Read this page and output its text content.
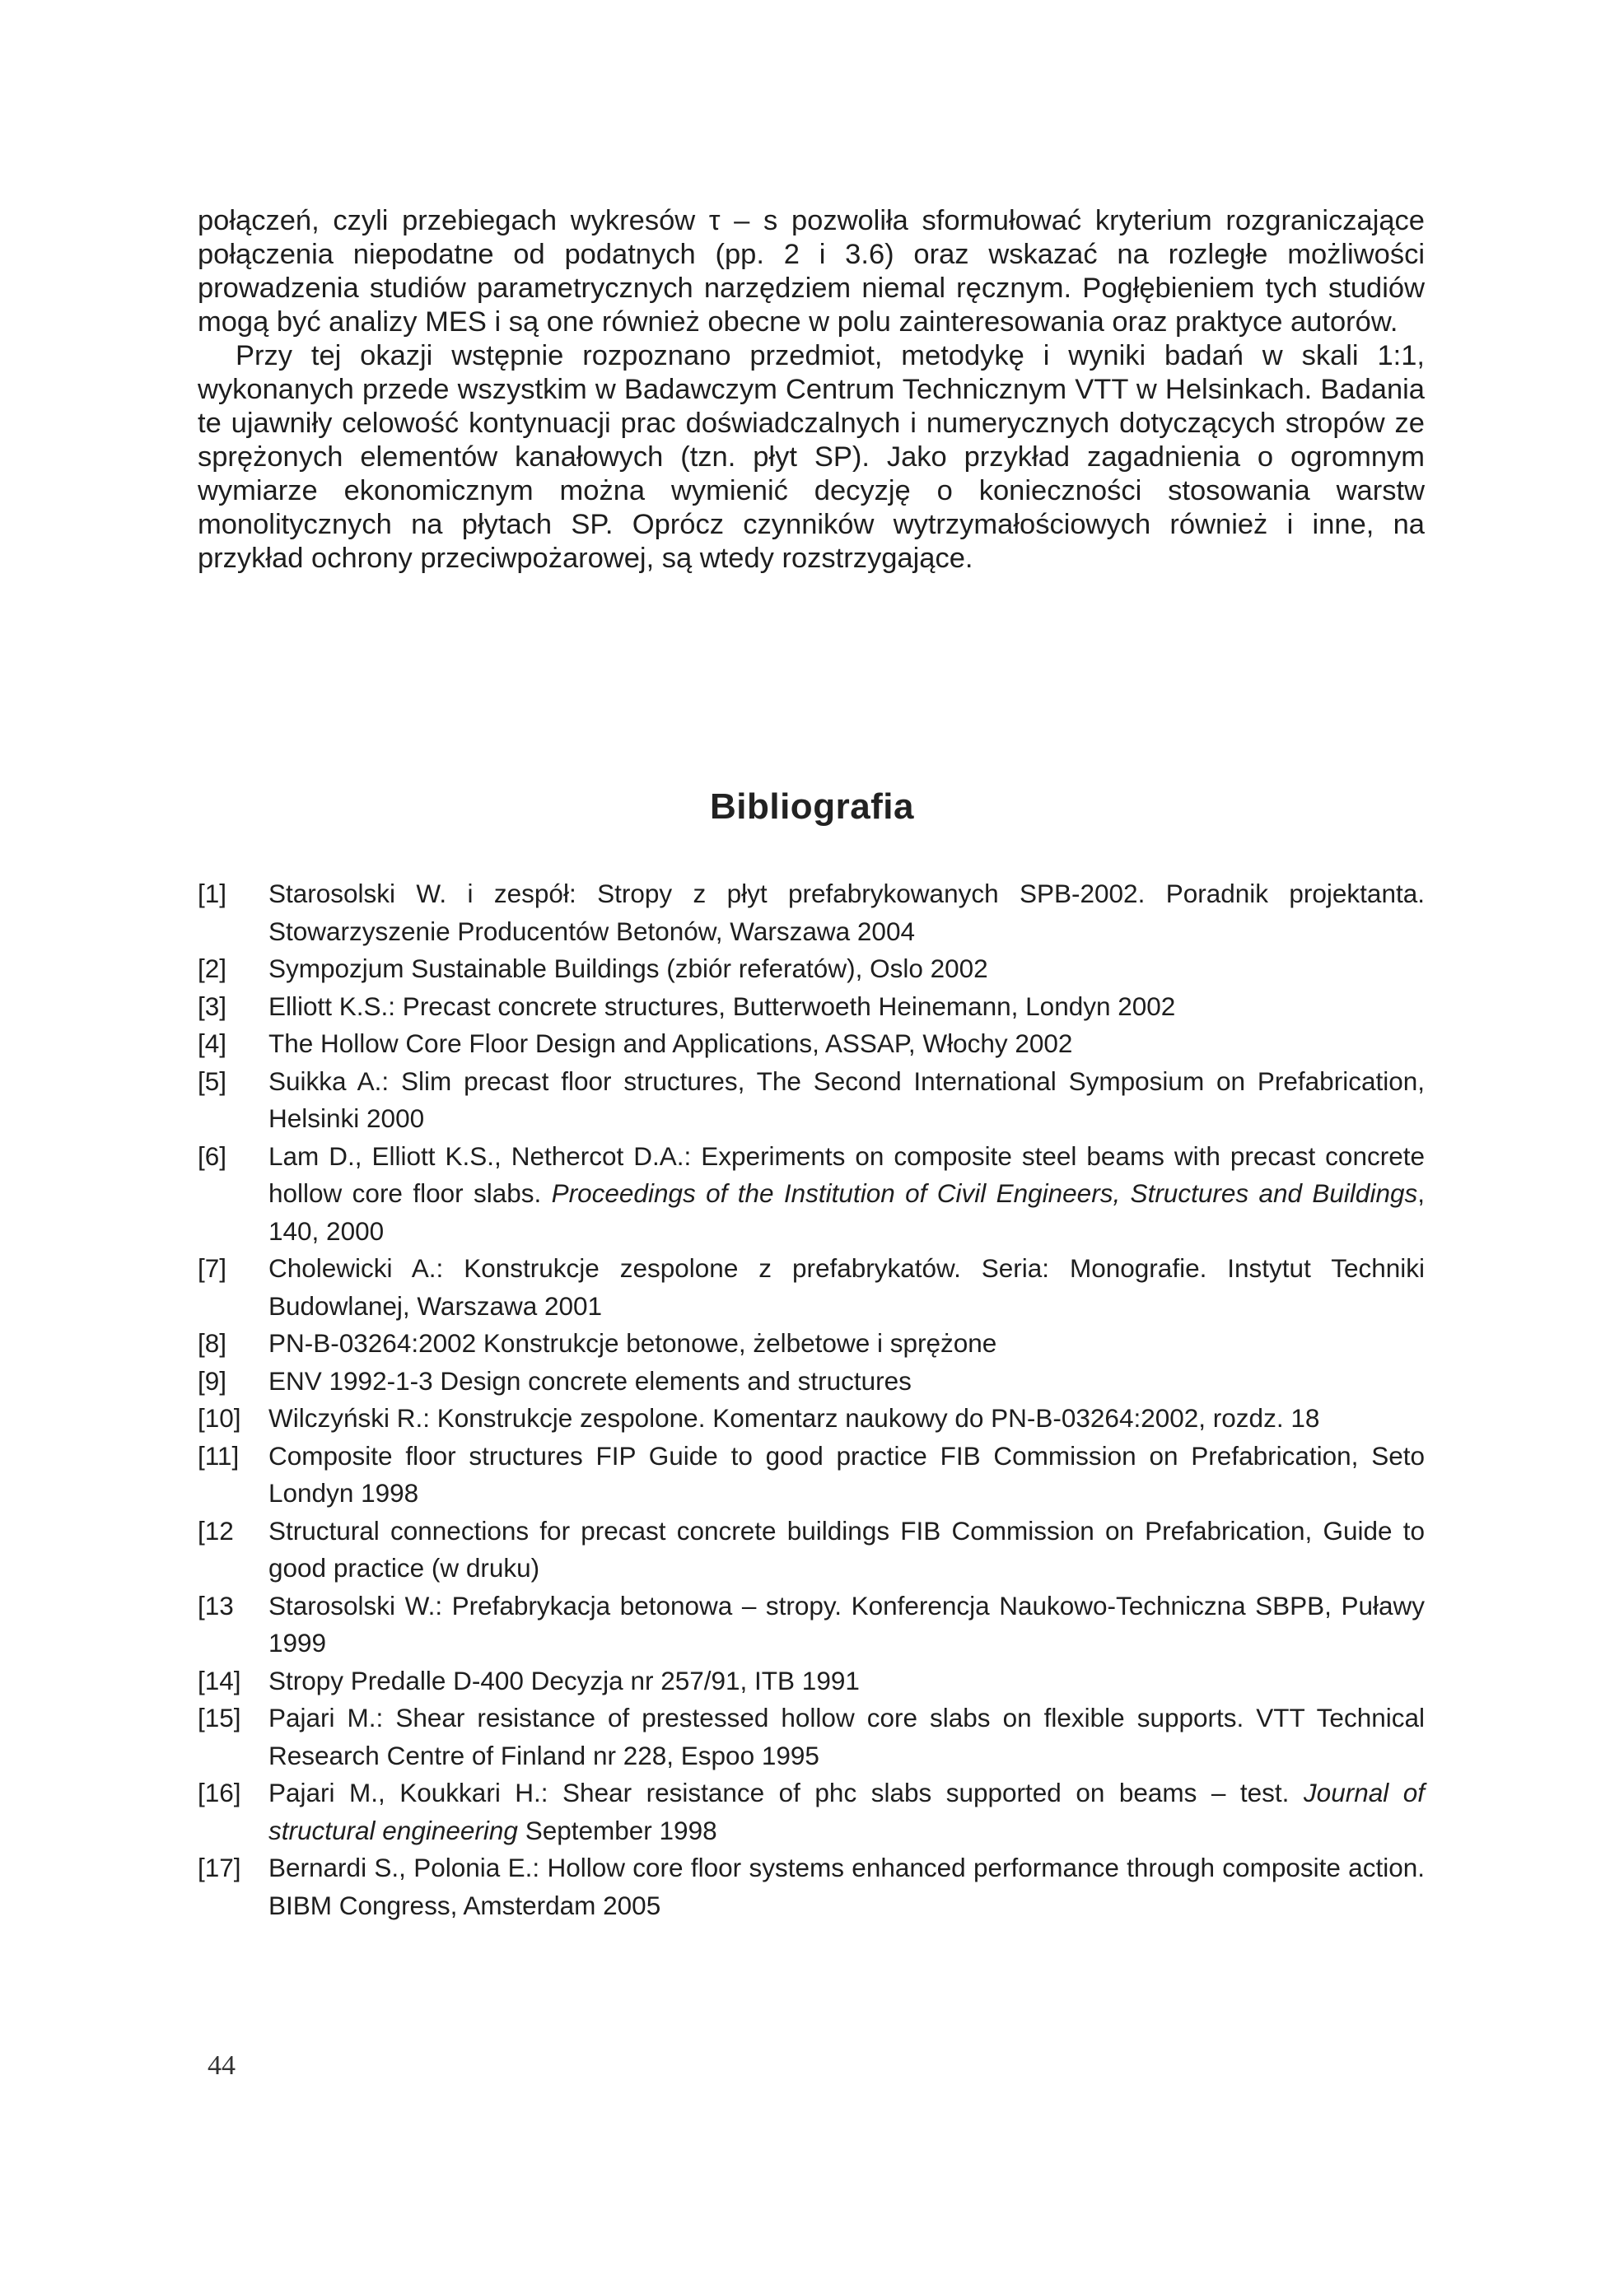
połączeń, czyli przebiegach wykresów τ – s pozwoliła sformułować kryterium rozgraniczające połączenia niepodatne od podatnych (pp. 2 i 3.6) oraz wskazać na rozległe możliwości prowadzenia studiów parametrycznych narzędziem niemal ręcznym. Pogłębieniem tych studiów mogą być analizy MES i są one również obecne w polu zainteresowania oraz praktyce autorów.

Przy tej okazji wstępnie rozpoznano przedmiot, metodykę i wyniki badań w skali 1:1, wykonanych przede wszystkim w Badawczym Centrum Technicznym VTT w Helsinkach. Badania te ujawniły celowość kontynuacji prac doświadczalnych i numerycznych dotyczących stropów ze sprężonych elementów kanałowych (tzn. płyt SP). Jako przykład zagadnienia o ogromnym wymiarze ekonomicznym można wymienić decyzję o konieczności stosowania warstw monolitycznych na płytach SP. Oprócz czynników wytrzymałościowych również i inne, na przykład ochrony przeciwpożarowej, są wtedy rozstrzygające.

Bibliografia
[1]	Starosolski W. i zespół: Stropy z płyt prefabrykowanych SPB-2002. Poradnik projektanta. Stowarzyszenie Producentów Betonów, Warszawa 2004
[2]	Sympozjum Sustainable Buildings (zbiór referatów), Oslo 2002
[3]	Elliott K.S.: Precast concrete structures, Butterwoeth Heinemann, Londyn 2002
[4]	The Hollow Core Floor Design and Applications, ASSAP, Włochy 2002
[5]	Suikka A.: Slim precast floor structures, The Second International Symposium on Prefabrication, Helsinki 2000
[6]	Lam D., Elliott K.S., Nethercot D.A.: Experiments on composite steel beams with precast concrete hollow core floor slabs. Proceedings of the Institution of Civil Engineers, Structures and Buildings, 140, 2000
[7]	Cholewicki A.: Konstrukcje zespolone z prefabrykatów. Seria: Monografie. Instytut Techniki Budowlanej, Warszawa 2001
[8]	PN-B-03264:2002 Konstrukcje betonowe, żelbetowe i sprężone
[9]	ENV 1992-1-3 Design concrete elements and structures
[10]	Wilczyński R.: Konstrukcje zespolone. Komentarz naukowy do PN-B-03264:2002, rozdz. 18
[11]	Composite floor structures FIP Guide to good practice FIB Commission on Prefabrication, Seto Londyn 1998
[12	Structural connections for precast concrete buildings FIB Commission on Prefabrication, Guide to good practice (w druku)
[13	Starosolski W.: Prefabrykacja betonowa – stropy. Konferencja Naukowo-Techniczna SBPB, Puławy 1999
[14]	Stropy Predalle D-400 Decyzja nr 257/91, ITB 1991
[15]	Pajari M.: Shear resistance of prestessed hollow core slabs on flexible supports. VTT Technical Research Centre of Finland nr 228, Espoo 1995
[16]	Pajari M., Koukkari H.: Shear resistance of phc slabs supported on beams – test. Journal of structural engineering September 1998
[17]	Bernardi S., Polonia E.: Hollow core floor systems enhanced performance through composite action. BIBM Congress, Amsterdam 2005
44
